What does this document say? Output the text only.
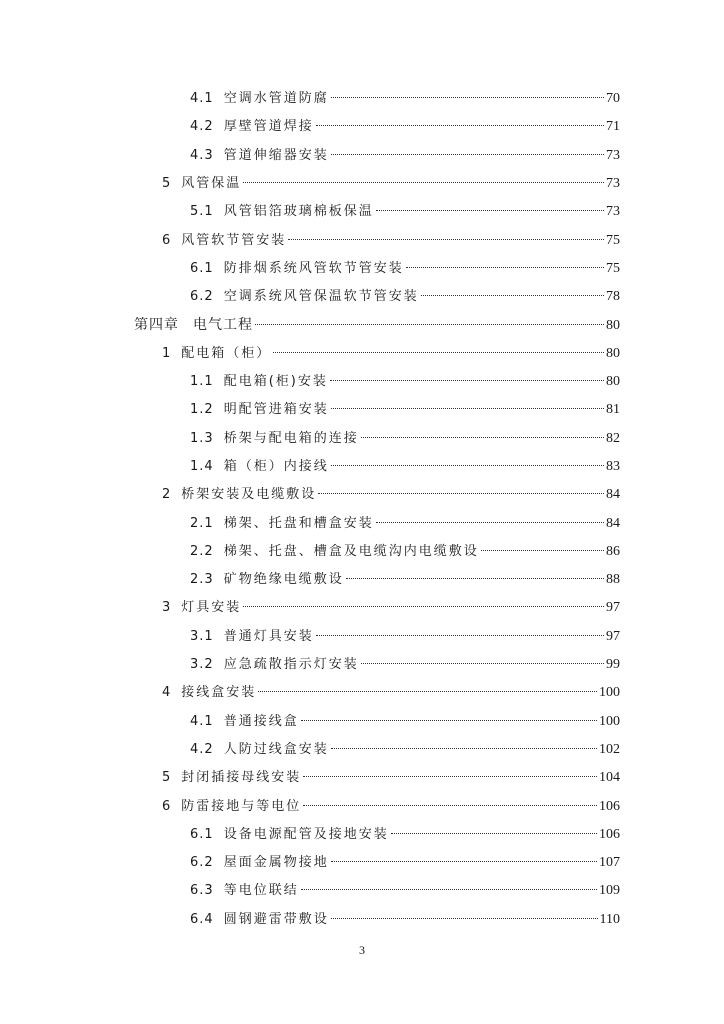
4.1 空调水管道防腐	70
4.2 厚壁管道焊接	71
4.3 管道伸缩器安装	73
5 风管保温	73
5.1 风管铝箔玻璃棉板保温	73
6 风管软节管安装	75
6.1 防排烟系统风管软节管安装	75
6.2 空调系统风管保温软节管安装	78
第四章 电气工程	80
1 配电箱（柜）	80
1.1 配电箱(柜)安装	80
1.2 明配管进箱安装	81
1.3 桥架与配电箱的连接	82
1.4 箱（柜）内接线	83
2 桥架安装及电缆敷设	84
2.1 梯架、托盘和槽盒安装	84
2.2 梯架、托盘、槽盒及电缆沟内电缆敷设	86
2.3 矿物绝缘电缆敷设	88
3 灯具安装	97
3.1 普通灯具安装	97
3.2 应急疏散指示灯安装	99
4 接线盒安装	100
4.1 普通接线盒	100
4.2 人防过线盒安装	102
5 封闭插接母线安装	104
6 防雷接地与等电位	106
6.1 设备电源配管及接地安装	106
6.2 屋面金属物接地	107
6.3 等电位联结	109
6.4 圆钢避雷带敷设	110
3
